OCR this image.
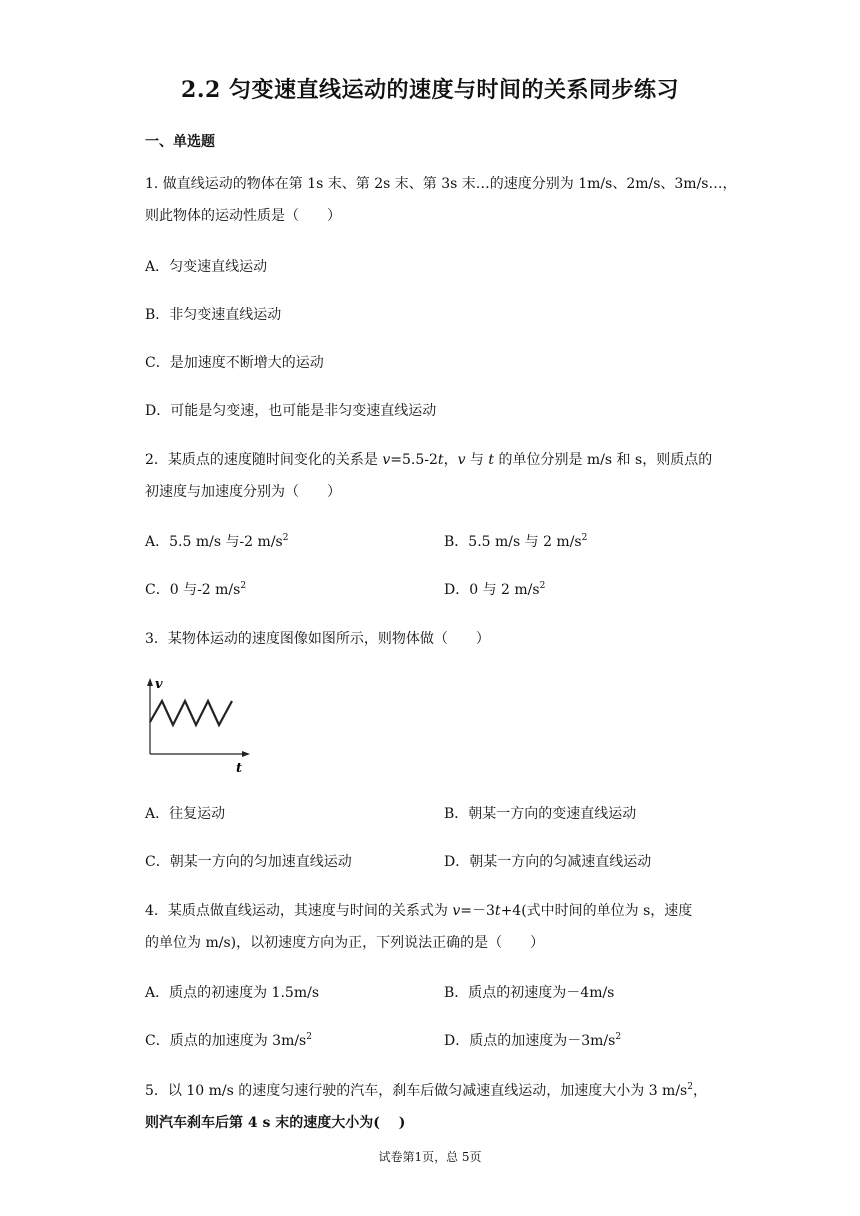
2.2 匀变速直线运动的速度与时间的关系同步练习
一、单选题
1. 做直线运动的物体在第 1s 末、第 2s 末、第 3s 末…的速度分别为 1m/s、2m/s、3m/s…，
则此物体的运动性质是（　　）
A．匀变速直线运动
B．非匀变速直线运动
C．是加速度不断增大的运动
D．可能是匀变速，也可能是非匀变速直线运动
2．某质点的速度随时间变化的关系是 v=5.5-2t，v 与 t 的单位分别是 m/s 和 s，则质点的
初速度与加速度分别为（　　）
A．5.5 m/s 与-2 $m/s^2$	B．5.5 m/s 与 2 $m/s^2$
C．0 与-2 $m/s^2$	D．0 与 2 $m/s^2$
3．某物体运动的速度图像如图所示，则物体做（　　）
v
t
A．往复运动	B．朝某一方向的变速直线运动
C．朝某一方向的匀加速直线运动	D．朝某一方向的匀减速直线运动
4．某质点做直线运动，其速度与时间的关系式为 v=－3t+4(式中时间的单位为 s，速度
的单位为 m/s)，以初速度方向为正，下列说法正确的是（　　）
A．质点的初速度为 1.5m/s	B．质点的初速度为－4m/s
C．质点的加速度为 $3m/s^2$	D．质点的加速度为$-3m/s^2$
5．以 10 m/s 的速度匀速行驶的汽车，刹车后做匀减速直线运动，加速度大小为 3 $m/s^2$，
则汽车刹车后第 4 s 末的速度大小为(　 )
试卷第1页，总 5页
